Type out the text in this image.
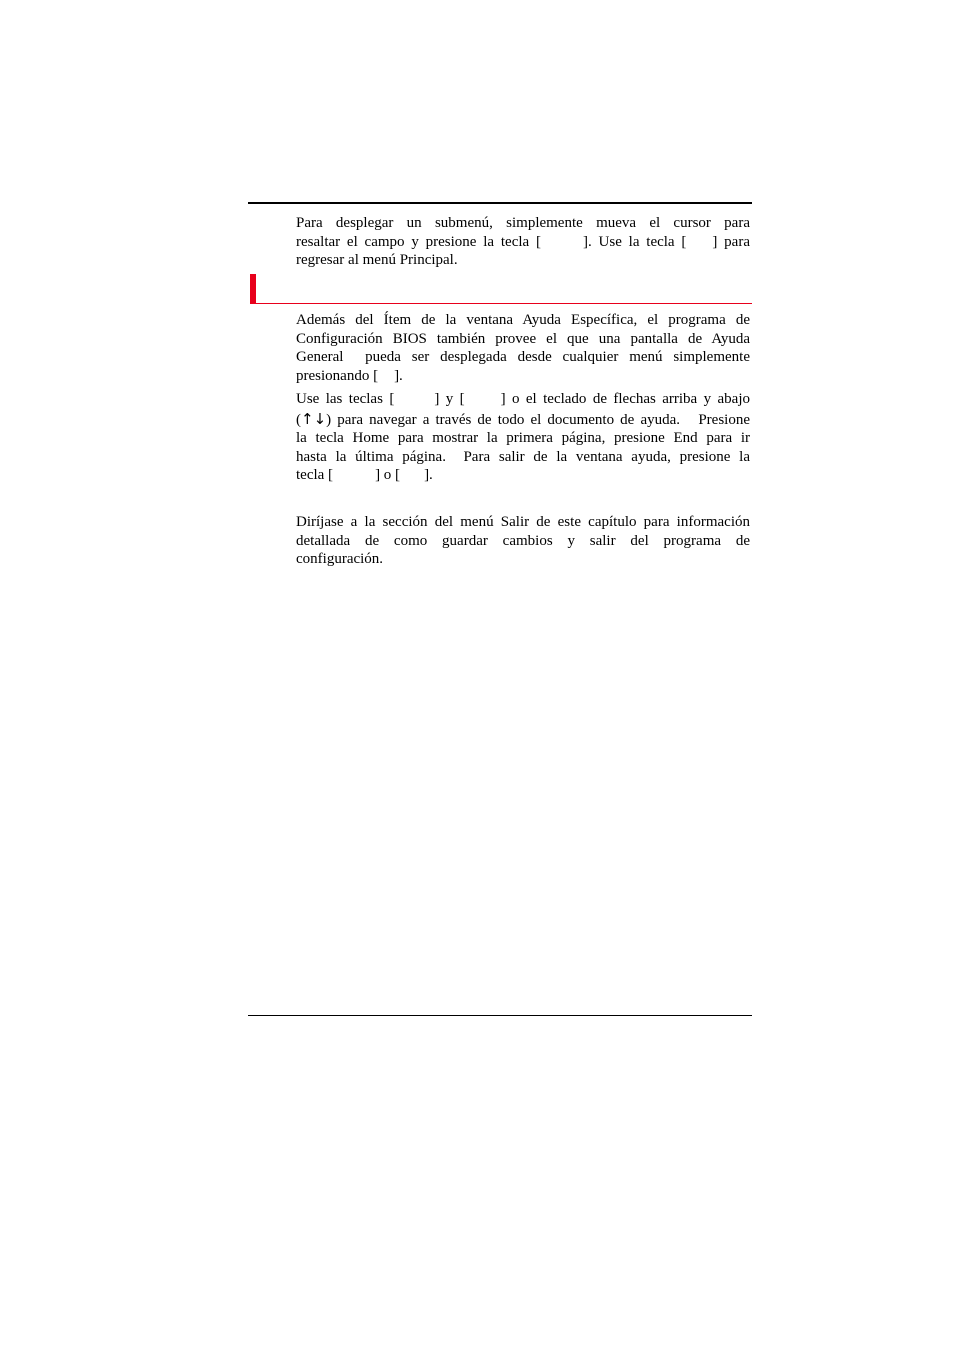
Para desplegar un submenú, simplemente mueva el cursor para
resaltar el campo y presione la tecla [	]. Use la tecla [ ] para
regresar al menú Principal.
Además del Ítem de la ventana Ayuda Específica, el programa de
Configuración BIOS también provee el que una pantalla de Ayuda
General  pueda ser desplegada desde cualquier menú simplemente
presionando [ ].
Use las teclas [	] y [ ] o el teclado de flechas arriba y abajo
(↑↓) para navegar a través de todo el documento de ayuda.   Presione
la tecla Home para mostrar la primera página, presione End para ir
hasta la última página.  Para salir de la ventana ayuda, presione la
tecla [	] o [ ].
Diríjase a la sección del menú Salir de este capítulo para información
detallada de como guardar cambios y salir del programa de
configuración.
